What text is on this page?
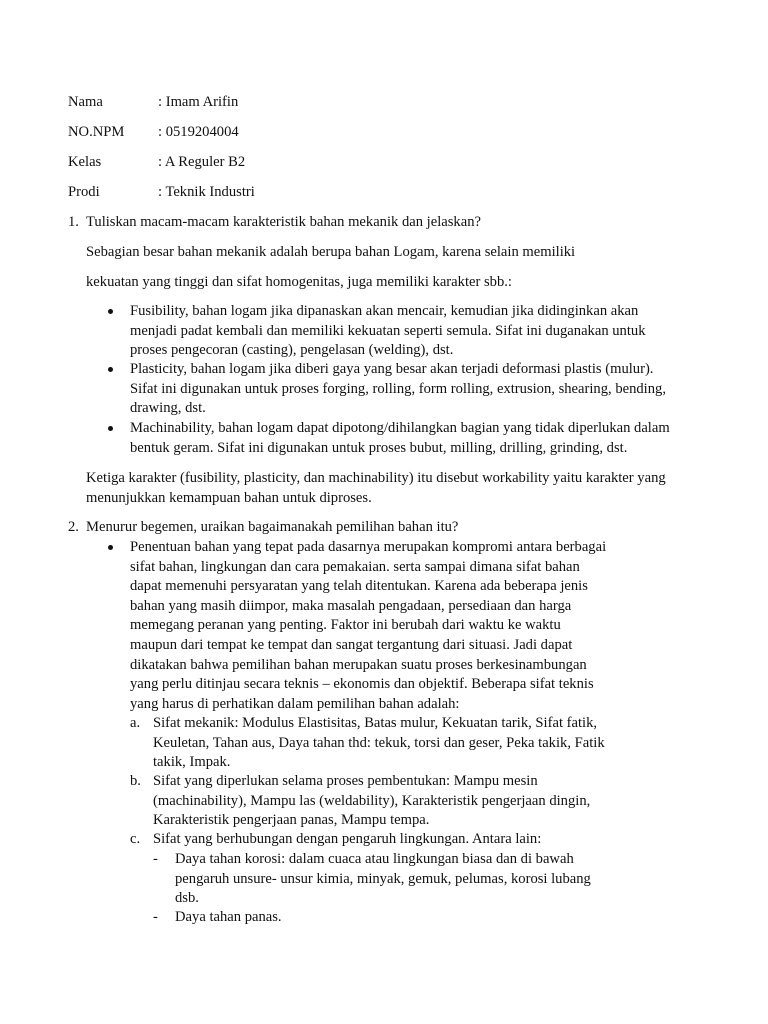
Nama	: Imam Arifin
NO.NPM : 0519204004
Kelas	: A Reguler B2
Prodi	: Teknik Industri
1. Tuliskan macam-macam karakteristik bahan mekanik dan jelaskan?
Sebagian besar bahan mekanik adalah berupa bahan Logam, karena selain memiliki
kekuatan yang tinggi dan sifat homogenitas, juga memiliki karakter sbb.:
Fusibility, bahan logam jika dipanaskan akan mencair, kemudian jika didinginkan akan
menjadi padat kembali dan memiliki kekuatan seperti semula. Sifat ini duganakan untuk
proses pengecoran (casting), pengelasan (welding), dst.
Plasticity, bahan logam jika diberi gaya yang besar akan terjadi deformasi plastis (mulur).
Sifat ini digunakan untuk proses forging, rolling, form rolling, extrusion, shearing, bending,
drawing, dst.
Machinability, bahan logam dapat dipotong/dihilangkan bagian yang tidak diperlukan dalam
bentuk geram. Sifat ini digunakan untuk proses bubut, milling, drilling, grinding, dst.
Ketiga karakter (fusibility, plasticity, dan machinability) itu disebut workability yaitu karakter yang
menunjukkan kemampuan bahan untuk diproses.
2. Menurur begemen, uraikan bagaimanakah pemilihan bahan itu?
Penentuan bahan yang tepat pada dasarnya merupakan kompromi antara berbagai
sifat bahan, lingkungan dan cara pemakaian. serta sampai dimana sifat bahan
dapat memenuhi persyaratan yang telah ditentukan. Karena ada beberapa jenis
bahan yang masih diimpor, maka masalah pengadaan, persediaan dan harga
memegang peranan yang penting. Faktor ini berubah dari waktu ke waktu
maupun dari tempat ke tempat dan sangat tergantung dari situasi. Jadi dapat
dikatakan bahwa pemilihan bahan merupakan suatu proses berkesinambungan
yang perlu ditinjau secara teknis – ekonomis dan objektif. Beberapa sifat teknis
yang harus di perhatikan dalam pemilihan bahan adalah:
a. Sifat mekanik: Modulus Elastisitas, Batas mulur, Kekuatan tarik, Sifat fatik,
Keuletan, Tahan aus, Daya tahan thd: tekuk, torsi dan geser, Peka takik, Fatik
takik, Impak.
b. Sifat yang diperlukan selama proses pembentukan: Mampu mesin
(machinability), Mampu las (weldability), Karakteristik pengerjaan dingin,
Karakteristik pengerjaan panas, Mampu tempa.
c. Sifat yang berhubungan dengan pengaruh lingkungan. Antara lain:
- Daya tahan korosi: dalam cuaca atau lingkungan biasa dan di bawah
pengaruh unsure- unsur kimia, minyak, gemuk, pelumas, korosi lubang
dsb.
- Daya tahan panas.
